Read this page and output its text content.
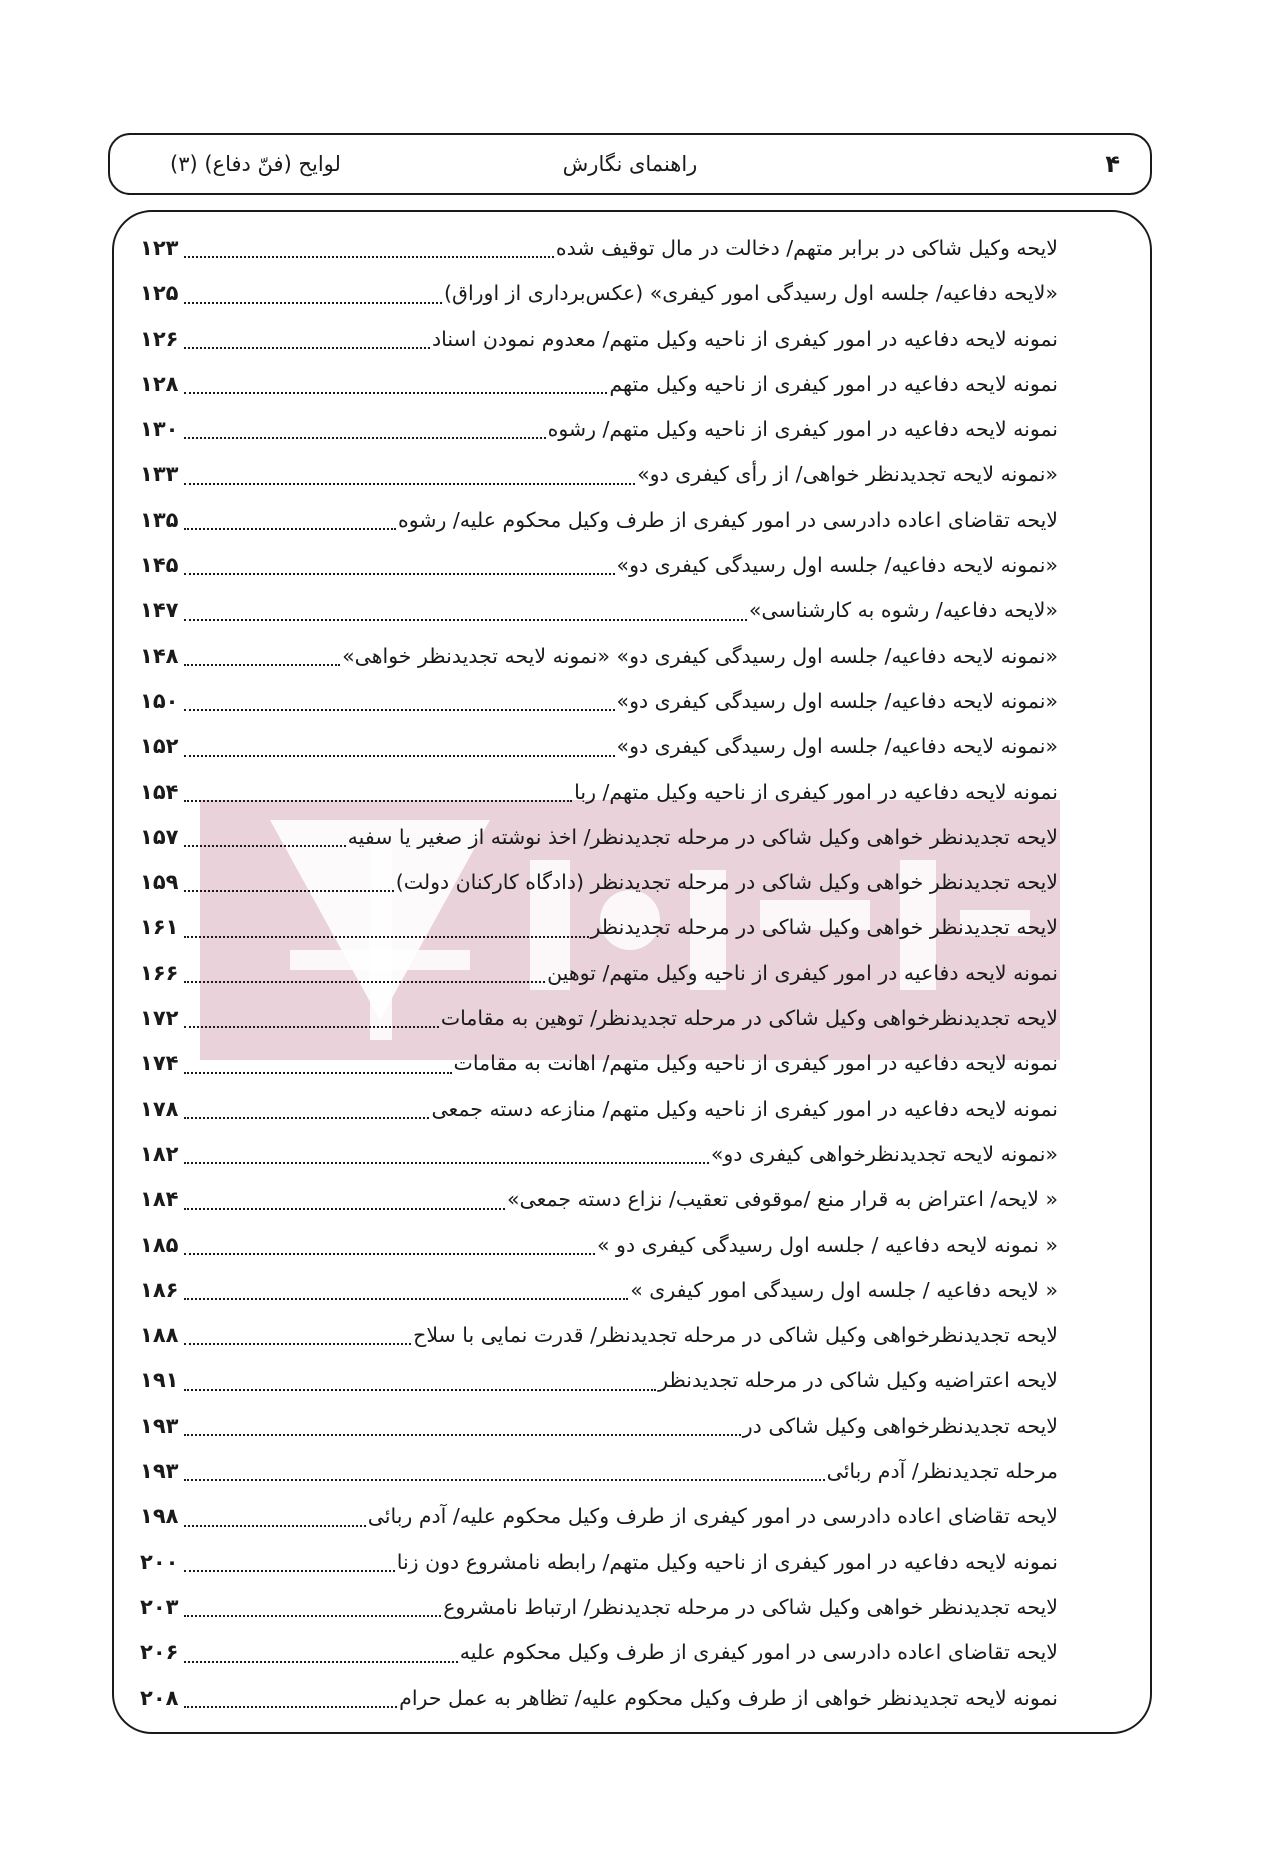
۴
راهنمای نگارش
لوایح (فنّ دفاع) (۳)
لایحه وکیل شاکی در برابر متهم/ دخالت در مال توقیف شده
۱۲۳
«لایحه دفاعیه/ جلسه اول رسیدگی امور کیفری» (عکس‌برداری از اوراق)
۱۲۵
نمونه لایحه دفاعیه در امور کیفری از ناحیه وکیل متهم/ معدوم نمودن اسناد
۱۲۶
نمونه لایحه دفاعیه در امور کیفری از ناحیه وکیل متهم
۱۲۸
نمونه لایحه دفاعیه در امور کیفری از ناحیه وکیل متهم/ رشوه
۱۳۰
«نمونه لایحه تجدیدنظر خواهی/ از رأی کیفری دو»
۱۳۳
لایحه تقاضای اعاده دادرسی در امور کیفری از طرف وکیل محکوم علیه/ رشوه
۱۳۵
«نمونه لایحه دفاعیه/ جلسه اول رسیدگی کیفری دو»
۱۴۵
«لایحه دفاعیه/ رشوه به کارشناسی»
۱۴۷
«نمونه لایحه دفاعیه/ جلسه اول رسیدگی کیفری دو» «نمونه لایحه تجدیدنظر خواهی»
۱۴۸
«نمونه لایحه دفاعیه/ جلسه اول رسیدگی کیفری دو»
۱۵۰
«نمونه لایحه دفاعیه/ جلسه اول رسیدگی کیفری دو»
۱۵۲
نمونه لایحه دفاعیه در امور کیفری از ناحیه وکیل متهم/ ربا
۱۵۴
لایحه تجدیدنظر خواهی وکیل شاکی در مرحله تجدیدنظر/ اخذ نوشته از صغیر یا سفیه
۱۵۷
لایحه تجدیدنظر خواهی وکیل شاکی در مرحله تجدیدنظر (دادگاه کارکنان دولت)
۱۵۹
لایحه تجدیدنظر خواهی وکیل شاکی در مرحله تجدیدنظر
۱۶۱
نمونه لایحه دفاعیه در امور کیفری از ناحیه وکیل متهم/ توهین
۱۶۶
لایحه تجدیدنظرخواهی وکیل شاکی در مرحله تجدیدنظر/ توهین به مقامات
۱۷۲
نمونه لایحه دفاعیه در امور کیفری از ناحیه وکیل متهم/ اهانت به مقامات
۱۷۴
نمونه لایحه دفاعیه در امور کیفری از ناحیه وکیل متهم/ منازعه دسته جمعی
۱۷۸
«نمونه لایحه تجدیدنظرخواهی کیفری دو»
۱۸۲
« لایحه/ اعتراض به قرار منع /موقوفی تعقیب/ نزاع دسته جمعی»
۱۸۴
« نمونه لایحه دفاعیه / جلسه اول رسیدگی کیفری دو »
۱۸۵
« لایحه دفاعیه / جلسه اول رسیدگی امور کیفری »
۱۸۶
لایحه تجدیدنظرخواهی وکیل شاکی در مرحله تجدیدنظر/ قدرت نمایی با سلاح
۱۸۸
لایحه اعتراضیه وکیل شاکی در مرحله تجدیدنظر
۱۹۱
لایحه تجدیدنظرخواهی وکیل شاکی در
۱۹۳
مرحله تجدیدنظر/ آدم ربائی
۱۹۳
لایحه تقاضای اعاده دادرسی در امور کیفری از طرف وکیل محکوم علیه/ آدم ربائی
۱۹۸
نمونه لایحه دفاعیه در امور کیفری از ناحیه وکیل متهم/ رابطه نامشروع دون زنا
۲۰۰
لایحه تجدیدنظر خواهی وکیل شاکی در مرحله تجدیدنظر/ ارتباط نامشروع
۲۰۳
لایحه تقاضای اعاده دادرسی در امور کیفری از طرف وکیل محکوم علیه
۲۰۶
نمونه لایحه تجدیدنظر خواهی از طرف وکیل محکوم علیه/ تظاهر به عمل حرام
۲۰۸
